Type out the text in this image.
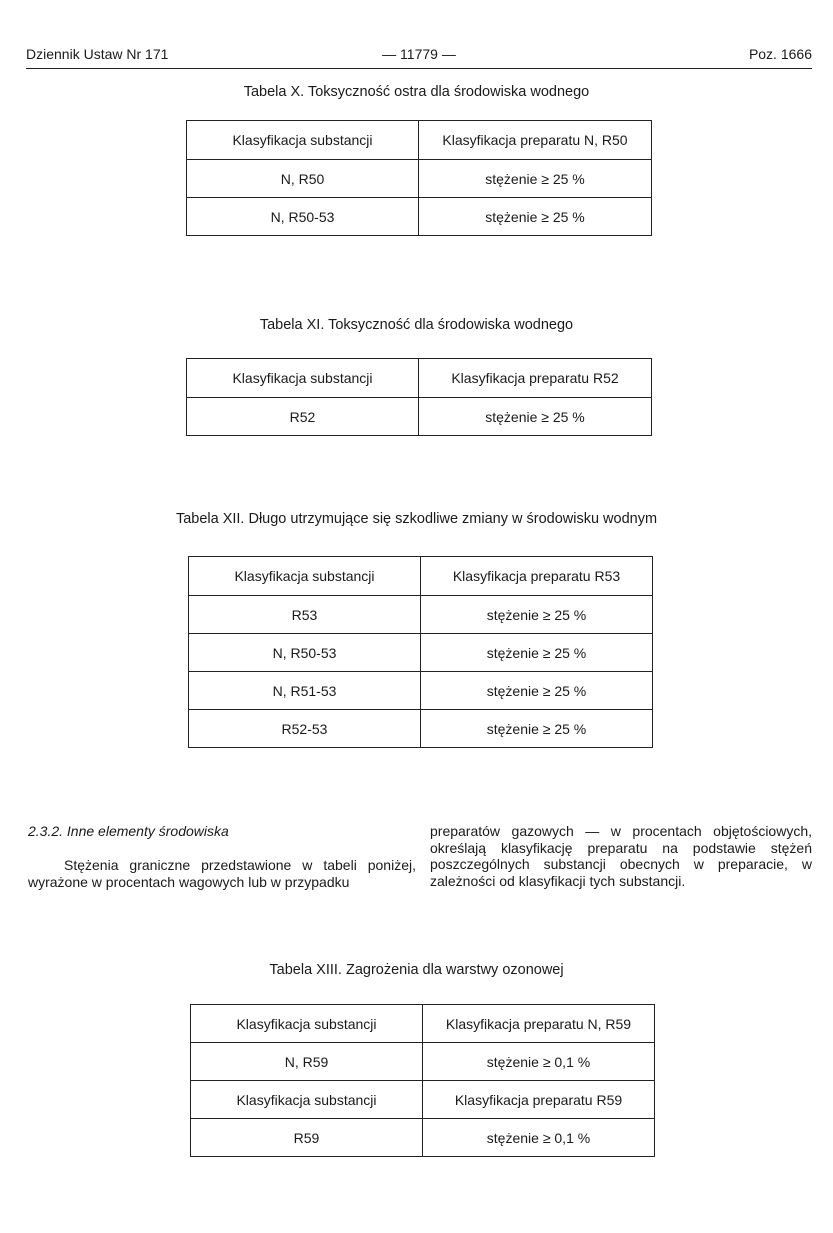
Dziennik Ustaw Nr 171	— 11779 —	Poz. 1666
Tabela X. Toksyczność ostra dla środowiska wodnego
Klasyfikacja substancji	Klasyfikacja preparatu N, R50
N, R50	stężenie ≥ 25 %
N, R50-53	stężenie ≥ 25 %
Tabela XI. Toksyczność dla środowiska wodnego
Klasyfikacja substancji	Klasyfikacja preparatu R52
R52	stężenie ≥ 25 %
Tabela XII. Długo utrzymujące się szkodliwe zmiany w środowisku wodnym
Klasyfikacja substancji	Klasyfikacja preparatu R53
R53	stężenie ≥ 25 %
N, R50-53	stężenie ≥ 25 %
N, R51-53	stężenie ≥ 25 %
R52-53	stężenie ≥ 25 %
2.3.2. Inne elementy środowiska

Stężenia graniczne przedstawione w tabeli poniżej, wyrażone w procentach wagowych lub w przypadku

preparatów gazowych — w procentach objętościowych, określają klasyfikację preparatu na podstawie stężeń poszczególnych substancji obecnych w preparacie, w zależności od klasyfikacji tych substancji.

Tabela XIII. Zagrożenia dla warstwy ozonowej
Klasyfikacja substancji	Klasyfikacja preparatu N, R59
N, R59	stężenie ≥ 0,1 %
Klasyfikacja substancji	Klasyfikacja preparatu R59
R59	stężenie ≥ 0,1 %
